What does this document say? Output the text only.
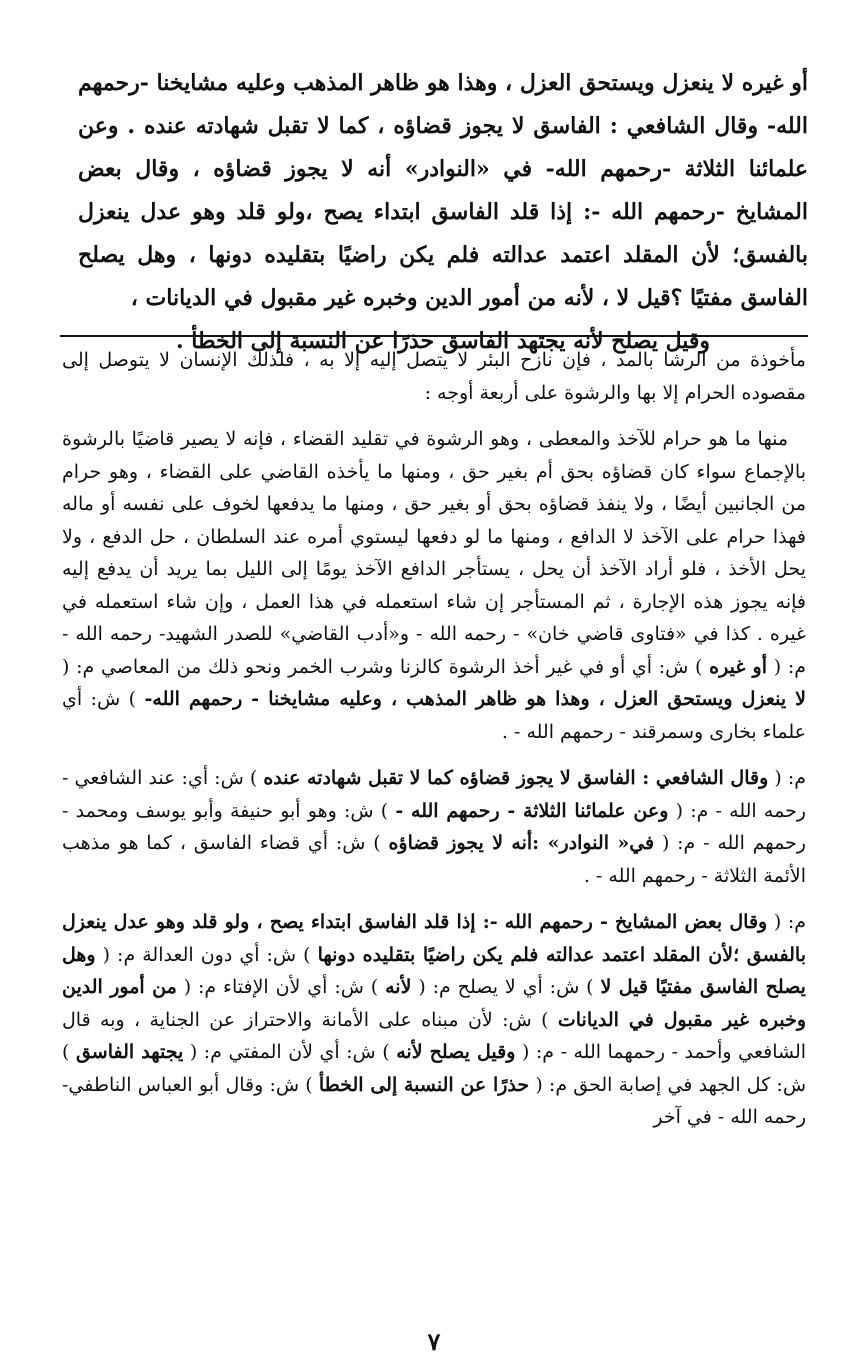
أو غيره لا ينعزل ويستحق العزل ، وهذا هو ظاهر المذهب وعليه مشايخنا -رحمهم الله- وقال الشافعي : الفاسق لا يجوز قضاؤه ، كما لا تقبل شهادته عنده . وعن علمائنا الثلاثة -رحمهم الله- في «النوادر» أنه لا يجوز قضاؤه ، وقال بعض المشايخ -رحمهم الله -: إذا قلد الفاسق ابتداء يصح ،ولو قلد وهو عدل ينعزل بالفسق؛ لأن المقلد اعتمد عدالته فلم يكن راضيًا بتقليده دونها ، وهل يصلح الفاسق مفتيًا ؟قيل لا ، لأنه من أمور الدين وخبره غير مقبول في الديانات ،
وقيل يصلح لأنه يجتهد الفاسق حذرًا عن النسبة إلى الخطأ .

مأخوذة من الرشا بالمد ، فإن نازح البئر لا يتصل إليه إلا به ، فلذلك الإنسان لا يتوصل إلى مقصوده الحرام إلا بها والرشوة على أربعة أوجه :

منها ما هو حرام للآخذ والمعطى ، وهو الرشوة في تقليد القضاء ، فإنه لا يصير قاضيًا بالرشوة بالإجماع سواء كان قضاؤه بحق أم بغير حق ، ومنها ما يأخذه القاضي على القضاء ، وهو حرام من الجانبين أيضًا ، ولا ينفذ قضاؤه بحق أو بغير حق ، ومنها ما يدفعها لخوف على نفسه أو ماله فهذا حرام على الآخذ لا الدافع ، ومنها ما لو دفعها ليستوي أمره عند السلطان ، حل الدفع ، ولا يحل الأخذ ، فلو أراد الآخذ أن يحل ، يستأجر الدافع الآخذ يومًا إلى الليل بما يريد أن يدفع إليه فإنه يجوز هذه الإجارة ، ثم المستأجر إن شاء استعمله في هذا العمل ، وإن شاء استعمله في غيره . كذا في «فتاوى قاضي خان» - رحمه الله - و«أدب القاضي» للصدر الشهيد- رحمه الله - م: ( أو غيره ) ش: أي أو في غير أخذ الرشوة كالزنا وشرب الخمر ونحو ذلك من المعاصي م: ( لا ينعزل ويستحق العزل ، وهذا هو ظاهر المذهب ، وعليه مشايخنا - رحمهم الله- ) ش: أي علماء بخارى وسمرقند - رحمهم الله - .

م: ( وقال الشافعي : الفاسق لا يجوز قضاؤه كما لا تقبل شهادته عنده ) ش: أي: عند الشافعي - رحمه الله - م: ( وعن علمائنا الثلاثة - رحمهم الله - ) ش: وهو أبو حنيفة وأبو يوسف ومحمد - رحمهم الله - م: ( في« النوادر» :أنه لا يجوز قضاؤه ) ش: أي قضاء الفاسق ، كما هو مذهب الأئمة الثلاثة - رحمهم الله - .

م: ( وقال بعض المشايخ - رحمهم الله -: إذا قلد الفاسق ابتداء يصح ، ولو قلد وهو عدل ينعزل بالفسق ؛لأن المقلد اعتمد عدالته فلم يكن راضيًا بتقليده دونها ) ش: أي دون العدالة م: ( وهل يصلح الفاسق مفتيًا قيل لا ) ش: أي لا يصلح م: ( لأنه ) ش: أي لأن الإفتاء م: ( من أمور الدين وخبره غير مقبول في الديانات ) ش: لأن مبناه على الأمانة والاحتراز عن الجناية ، وبه قال الشافعي وأحمد - رحمهما الله - م: ( وقيل يصلح لأنه ) ش: أي لأن المفتي م: ( يجتهد الفاسق ) ش: كل الجهد في إصابة الحق م: ( حذرًا عن النسبة إلى الخطأ ) ش: وقال أبو العباس الناطفي- رحمه الله - في آخر

٧
